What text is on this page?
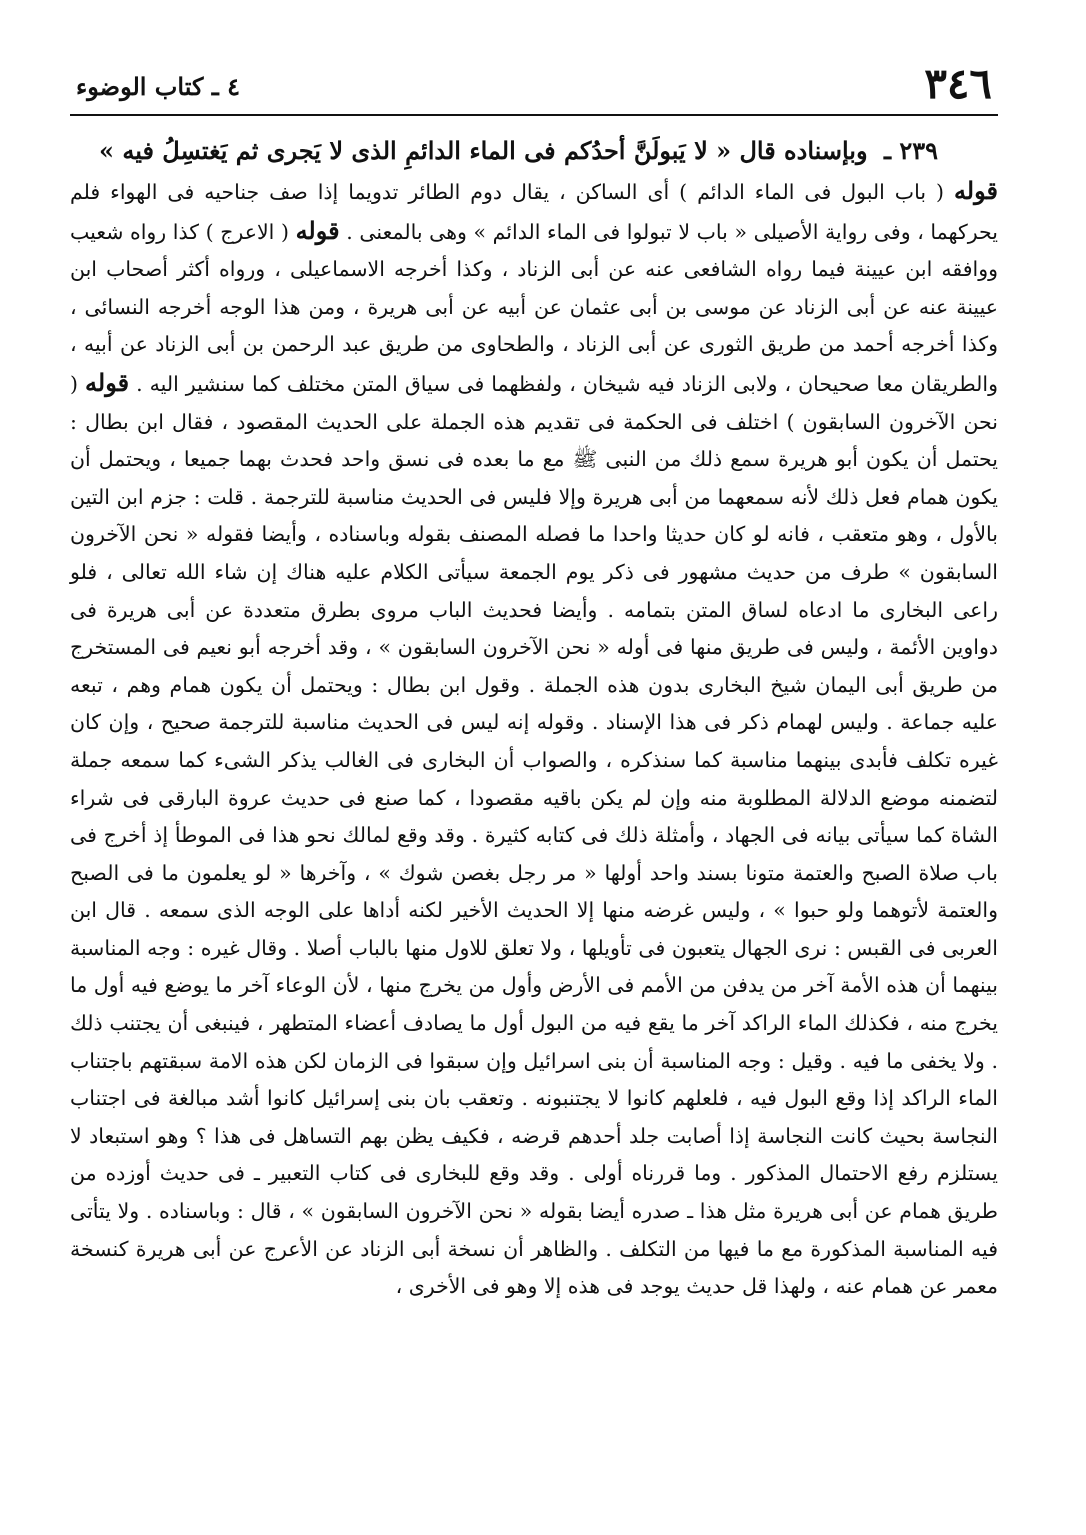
٣٤٦
٤ ـ كتاب الوضوء
٢٣٩ ـ وبإسناده قال « لا يَبولَنَّ أحدُكم فى الماء الدائمِ الذى لا يَجرى ثم يَغتسِلُ فيه »

قوله ( باب البول فى الماء الدائم ) أى الساكن ، يقال دوم الطائر تدويما إذا صف جناحيه فى الهواء فلم يحركهما ، وفى رواية الأصيلى « باب لا تبولوا فى الماء الدائم » وهى بالمعنى . قوله ( الاعرج ) كذا رواه شعيب ووافقه ابن عيينة فيما رواه الشافعى عنه عن أبى الزناد ، وكذا أخرجه الاسماعيلى ، ورواه أكثر أصحاب ابن عيينة عنه عن أبى الزناد عن موسى بن أبى عثمان عن أبيه عن أبى هريرة ، ومن هذا الوجه أخرجه النسائى ، وكذا أخرجه أحمد من طريق الثورى عن أبى الزناد ، والطحاوى من طريق عبد الرحمن بن أبى الزناد عن أبيه ، والطريقان معا صحيحان ، ولابى الزناد فيه شيخان ، ولفظهما فى سياق المتن مختلف كما سنشير اليه . قوله ( نحن الآخرون السابقون ) اختلف فى الحكمة فى تقديم هذه الجملة على الحديث المقصود ، فقال ابن بطال : يحتمل أن يكون أبو هريرة سمع ذلك من النبى ﷺ مع ما بعده فى نسق واحد فحدث بهما جميعا ، ويحتمل أن يكون همام فعل ذلك لأنه سمعهما من أبى هريرة وإلا فليس فى الحديث مناسبة للترجمة . قلت : جزم ابن التين بالأول ، وهو متعقب ، فانه لو كان حديثا واحدا ما فصله المصنف بقوله وباسناده ، وأيضا فقوله « نحن الآخرون السابقون » طرف من حديث مشهور فى ذكر يوم الجمعة سيأتى الكلام عليه هناك إن شاء الله تعالى ، فلو راعى البخارى ما ادعاه لساق المتن بتمامه . وأيضا فحديث الباب مروى بطرق متعددة عن أبى هريرة فى دواوين الأئمة ، وليس فى طريق منها فى أوله « نحن الآخرون السابقون » ، وقد أخرجه أبو نعيم فى المستخرج من طريق أبى اليمان شيخ البخارى بدون هذه الجملة . وقول ابن بطال : ويحتمل أن يكون همام وهم ، تبعه عليه جماعة . وليس لهمام ذكر فى هذا الإسناد . وقوله إنه ليس فى الحديث مناسبة للترجمة صحيح ، وإن كان غيره تكلف فأبدى بينهما مناسبة كما سنذكره ، والصواب أن البخارى فى الغالب يذكر الشىء كما سمعه جملة لتضمنه موضع الدلالة المطلوبة منه وإن لم يكن باقيه مقصودا ، كما صنع فى حديث عروة البارقى فى شراء الشاة كما سيأتى بيانه فى الجهاد ، وأمثلة ذلك فى كتابه كثيرة . وقد وقع لمالك نحو هذا فى الموطأ إذ أخرج فى باب صلاة الصبح والعتمة متونا بسند واحد أولها « مر رجل بغصن شوك » ، وآخرها « لو يعلمون ما فى الصبح والعتمة لأتوهما ولو حبوا » ، وليس غرضه منها إلا الحديث الأخير لكنه أداها على الوجه الذى سمعه . قال ابن العربى فى القبس : نرى الجهال يتعبون فى تأويلها ، ولا تعلق للاول منها بالباب أصلا . وقال غيره : وجه المناسبة بينهما أن هذه الأمة آخر من يدفن من الأمم فى الأرض وأول من يخرج منها ، لأن الوعاء آخر ما يوضع فيه أول ما يخرج منه ، فكذلك الماء الراكد آخر ما يقع فيه من البول أول ما يصادف أعضاء المتطهر ، فينبغى أن يجتنب ذلك . ولا يخفى ما فيه . وقيل : وجه المناسبة أن بنى اسرائيل وإن سبقوا فى الزمان لكن هذه الامة سبقتهم باجتناب الماء الراكد إذا وقع البول فيه ، فلعلهم كانوا لا يجتنبونه . وتعقب بان بنى إسرائيل كانوا أشد مبالغة فى اجتناب النجاسة بحيث كانت النجاسة إذا أصابت جلد أحدهم قرضه ، فكيف يظن بهم التساهل فى هذا ؟ وهو استبعاد لا يستلزم رفع الاحتمال المذكور . وما قررناه أولى . وقد وقع للبخارى فى كتاب التعبير ـ فى حديث أوزده من طريق همام عن أبى هريرة مثل هذا ـ صدره أيضا بقوله « نحن الآخرون السابقون » ، قال : وباسناده . ولا يتأتى فيه المناسبة المذكورة مع ما فيها من التكلف . والظاهر أن نسخة أبى الزناد عن الأعرج عن أبى هريرة كنسخة معمر عن همام عنه ، ولهذا قل حديث يوجد فى هذه إلا وهو فى الأخرى ،
